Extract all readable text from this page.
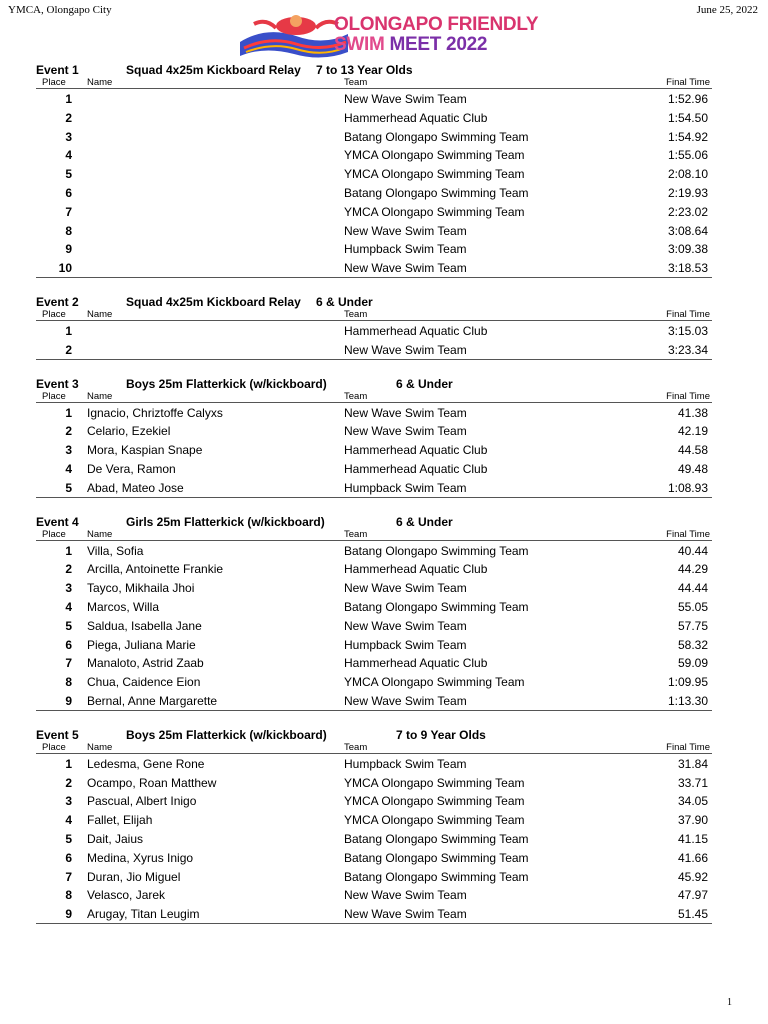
YMCA, Olongapo City	June 25, 2022
OLONGAPO FRIENDLY
SWIM MEET 2022
Event 1	Squad 4x25m Kickboard Relay 7 to 13 Year Olds
Place Name	Team	Final Time
1	New Wave Swim Team	1:52.96
2	Hammerhead Aquatic Club	1:54.50
3	Batang Olongapo Swimming Team	1:54.92
4	YMCA Olongapo Swimming Team	1:55.06
5	YMCA Olongapo Swimming Team	2:08.10
6	Batang Olongapo Swimming Team	2:19.93
7	YMCA Olongapo Swimming Team	2:23.02
8	New Wave Swim Team	3:08.64
9	Humpback Swim Team	3:09.38
10	New Wave Swim Team	3:18.53
Event 2	Squad 4x25m Kickboard Relay 6 & Under
Place Name	Team	Final Time
1	Hammerhead Aquatic Club	3:15.03
2	New Wave Swim Team	3:23.34
Event 3	Boys 25m Flatterkick (w/kickboard)	6 & Under
Place Name	Team	Final Time
1 Ignacio, Chriztoffe Calyxs	New Wave Swim Team	41.38
2 Celario, Ezekiel	New Wave Swim Team	42.19
3 Mora, Kaspian Snape	Hammerhead Aquatic Club	44.58
4 De Vera, Ramon	Hammerhead Aquatic Club	49.48
5 Abad, Mateo Jose	Humpback Swim Team	1:08.93
Event 4	Girls 25m Flatterkick (w/kickboard)	6 & Under
Place Name	Team	Final Time
1 Villa, Sofia	Batang Olongapo Swimming Team	40.44
2 Arcilla, Antoinette Frankie	Hammerhead Aquatic Club	44.29
3 Tayco, Mikhaila Jhoi	New Wave Swim Team	44.44
4 Marcos, Willa	Batang Olongapo Swimming Team	55.05
5 Saldua, Isabella Jane	New Wave Swim Team	57.75
6 Piega, Juliana Marie	Humpback Swim Team	58.32
7 Manaloto, Astrid Zaab	Hammerhead Aquatic Club	59.09
8 Chua, Caidence Eion	YMCA Olongapo Swimming Team	1:09.95
9 Bernal, Anne Margarette	New Wave Swim Team	1:13.30
Event 5	Boys 25m Flatterkick (w/kickboard)	7 to 9 Year Olds
Place Name	Team	Final Time
1 Ledesma, Gene Rone	Humpback Swim Team	31.84
2 Ocampo, Roan Matthew	YMCA Olongapo Swimming Team	33.71
3 Pascual, Albert Inigo	YMCA Olongapo Swimming Team	34.05
4 Fallet, Elijah	YMCA Olongapo Swimming Team	37.90
5 Dait, Jaius	Batang Olongapo Swimming Team	41.15
6 Medina, Xyrus Inigo	Batang Olongapo Swimming Team	41.66
7 Duran, Jio Miguel	Batang Olongapo Swimming Team	45.92
8 Velasco, Jarek	New Wave Swim Team	47.97
9 Arugay, Titan Leugim	New Wave Swim Team	51.45
1
